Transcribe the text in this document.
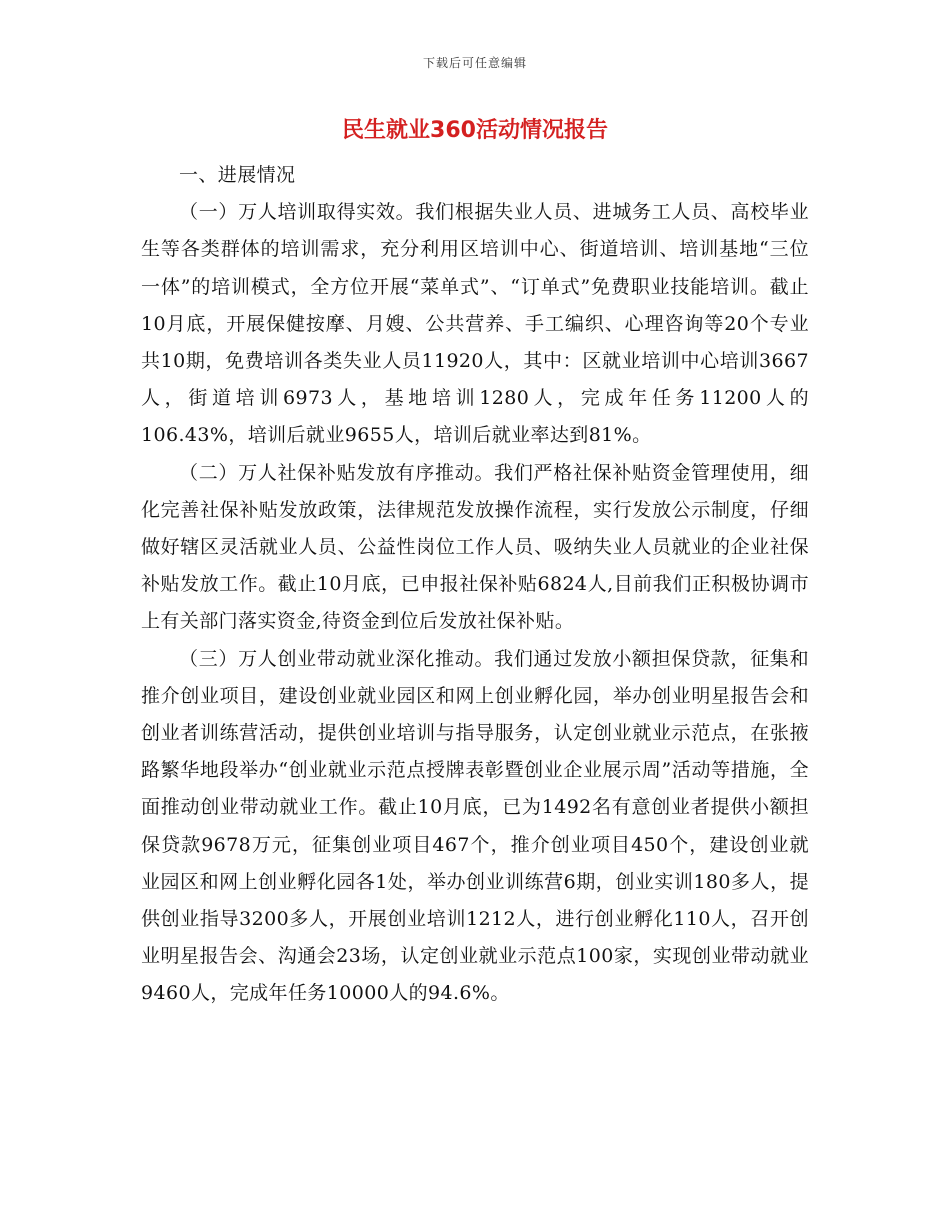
下载后可任意编辑
民生就业360活动情况报告

一、进展情况

（一）万人培训取得实效。我们根据失业人员、进城务工人员、高校毕业生等各类群体的培训需求，充分利用区培训中心、街道培训、培训基地“三位一体”的培训模式，全方位开展“菜单式”、“订单式”免费职业技能培训。截止10月底，开展保健按摩、月嫂、公共营养、手工编织、心理咨询等20个专业共10期，免费培训各类失业人员11920人，其中：区就业培训中心培训3667人，街道培训6973人，基地培训1280人，完成年任务11200人的106.43%，培训后就业9655人，培训后就业率达到81%。

（二）万人社保补贴发放有序推动。我们严格社保补贴资金管理使用，细化完善社保补贴发放政策，法律规范发放操作流程，实行发放公示制度，仔细做好辖区灵活就业人员、公益性岗位工作人员、吸纳失业人员就业的企业社保补贴发放工作。截止10月底，已申报社保补贴6824人,目前我们正积极协调市上有关部门落实资金,待资金到位后发放社保补贴。

（三）万人创业带动就业深化推动。我们通过发放小额担保贷款，征集和推介创业项目，建设创业就业园区和网上创业孵化园，举办创业明星报告会和创业者训练营活动，提供创业培训与指导服务，认定创业就业示范点，在张掖路繁华地段举办“创业就业示范点授牌表彰暨创业企业展示周”活动等措施，全面推动创业带动就业工作。截止10月底，已为1492名有意创业者提供小额担保贷款9678万元，征集创业项目467个，推介创业项目450个，建设创业就业园区和网上创业孵化园各1处，举办创业训练营6期，创业实训180多人，提供创业指导3200多人，开展创业培训1212人，进行创业孵化110人，召开创业明星报告会、沟通会23场，认定创业就业示范点100家，实现创业带动就业9460人，完成年任务10000人的94.6%。
